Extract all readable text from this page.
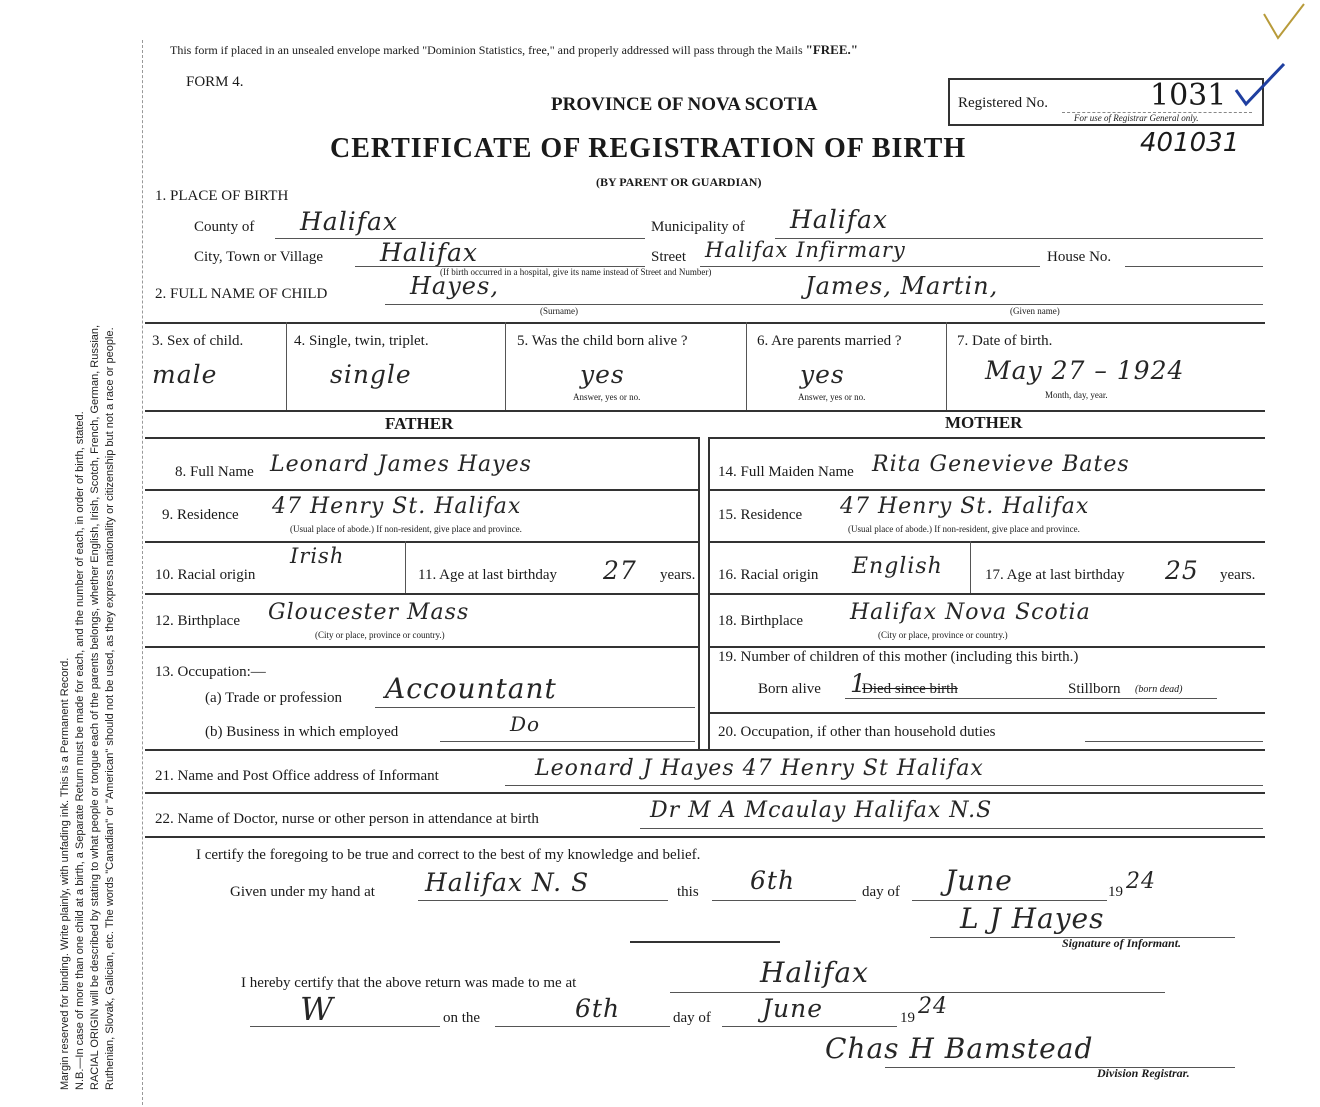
Margin reserved for binding. Write plainly, with unfading ink. This is a Permanent Record. N.B.—In case of more than one child at a birth, a Separate Return must be made for each, and the number of each, in order of birth, stated. RACIAL ORIGIN will be described by stating to what people or tongue each of the parents belongs, whether English, Irish, Scotch, French, German, Russian, Ruthenian, Slovak, Galician, etc. The words "Canadian" or "American" should not be used, as they express nationality or citizenship but not a race or people.
This form if placed in an unsealed envelope marked "Dominion Statistics, free," and properly addressed will pass through the Mails "FREE."
FORM 4.
PROVINCE OF NOVA SCOTIA
CERTIFICATE OF REGISTRATION OF BIRTH
(BY PARENT OR GUARDIAN)
Registered No.	1031
For use of Registrar General only.
401031
1. PLACE OF BIRTH
County of Halifax	Municipality of Halifax
City, Town or Village Halifax	Street Halifax Infirmary	House No.
(If birth occurred in a hospital, give its name instead of Street and Number)
2. FULL NAME OF CHILD	Hayes,	James, Martin,
(Surname)	(Given name)
3. Sex of child.
male
4. Single, twin, triplet.
single
5. Was the child born alive ?
yes
Answer, yes or no.
6. Are parents married ?
yes
Answer, yes or no.
7. Date of birth.
May 27 – 1924
Month, day, year.
FATHER	MOTHER
8. Full Name Leonard James Hayes
9. Residence 47 Henry St. Halifax
(Usual place of abode.) If non-resident, give place and province.
10. Racial origin
Irish
11. Age at last birthday 27 years.
12. Birthplace Gloucester Mass
(City or place, province or country.)
13. Occupation:—
(a) Trade or profession Accountant
(b) Business in which employed	Do
14. Full Maiden Name Rita Genevieve Bates
15. Residence 47 Henry St. Halifax
(Usual place of abode.) If non-resident, give place and province.
16. Racial origin English	17. Age at last birthday 25 years.
18. Birthplace Halifax Nova Scotia
(City or place, province or country.)
19. Number of children of this mother (including this birth.)
Born alive 1
Died since birth	Stillborn (born dead)
20. Occupation, if other than household duties
21. Name and Post Office address of Informant	Leonard J Hayes 47 Henry St Halifax
22. Name of Doctor, nurse or other person in attendance at birth	Dr M A Mcaulay Halifax N.S
I certify the foregoing to be true and correct to the best of my knowledge and belief.
Given under my hand at Halifax N. S	this 6th	day of June	19 24
L J Hayes
Signature of Informant.
I hereby certify that the above return was made to me at	Halifax
W	on the	6th	day of June	19 24
Chas H Bamstead
Division Registrar.
